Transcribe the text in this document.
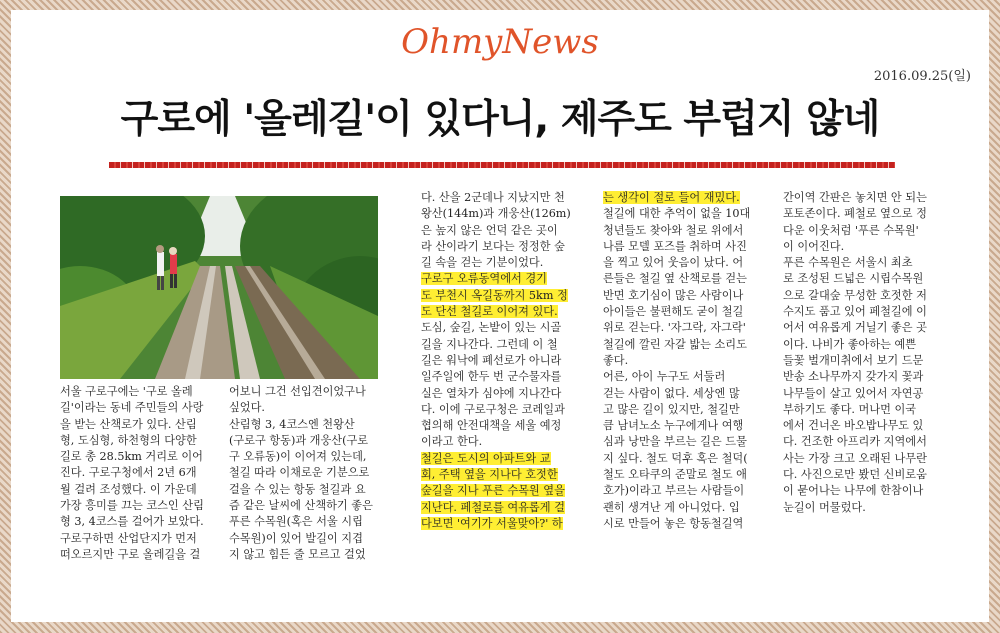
OhmyNews
2016.09.25(일)
구로에 '올레길'이 있다니, 제주도 부럽지 않네

서울 구로구에는 '구로 올레

길'이라는 동네 주민들의 사랑

을 받는 산책로가 있다. 산림

형, 도심형, 하천형의 다양한

길로 총 28.5km 거리로 이어

진다. 구로구청에서 2년 6개

월 걸려 조성했다. 이 가운데

가장 흥미를 끄는 코스인 산림

형 3, 4코스를 걸어가 보았다.

구로구하면 산업단지가 먼저

떠오르지만 구로 올레길을 걸

어보니 그건 선입견이었구나

싶었다.

산림형 3, 4코스엔 천왕산

(구로구 항동)과 개웅산(구로

구 오류동)이 이어져 있는데,

철길 따라 이채로운 기분으로

걸을 수 있는 항동 철길과 요

즘 같은 날씨에 산책하기 좋은

푸른 수목원(혹은 서울 시립

수목원)이 있어 발길이 지겹

지 않고 힘든 줄 모르고 걸었

다. 산을 2군데나 지났지만 천

왕산(144m)과 개웅산(126m)

은 높지 않은 언덕 같은 곳이

라 산이라기 보다는 정정한 숲

길 속을 걷는 기분이었다.

구로구 오류동역에서 경기

도 부천시 옥길동까지 5km 정

도 단선 철길로 이어져 있다.

도심, 숲길, 논밭이 있는 시골

길을 지나간다. 그런데 이 철

길은 워낙에 폐선로가 아니라

일주일에 한두 번 군수물자를

실은 열차가 심야에 지나간다

다. 이에 구로구청은 코레일과

협의해 안전대책을 세울 예정

이라고 한다.

철길은 도시의 아파트와 교

회, 주택 옆을 지나다 호젓한

숲길을 지나 푸른 수목원 옆을

지난다. 페철로를 여유롭게 걸

다보면 '여기가 서울맞아?' 하

는 생각이 절로 들어 재밌다.

철길에 대한 추억이 없을 10대

청년들도 찾아와 철로 위에서

나름 모델 포즈를 취하며 사진

을 찍고 있어 웃음이 났다. 어

른들은 철길 옆 산책로를 걷는

반면 호기심이 많은 사람이나

아이들은 불편해도 굳이 철길

위로 걷는다. '자그락, 자그락'

철길에 깔린 자갈 밟는 소리도

좋다.

어른, 아이 누구도 서둘러

걷는 사람이 없다. 세상엔 많

고 많은 길이 있지만, 철길만

큼 남녀노소 누구에게나 여행

심과 낭만을 부르는 길은 드물

지 싶다. 철도 덕후 혹은 철덕(

철도 오타쿠의 준말로 철도 애

호가)이라고 부르는 사람들이

괜히 생겨난 게 아니었다. 입

시로 만들어 놓은 항동철길역

간이역 간판은 놓치면 안 되는

포토존이다. 폐철로 옆으로 정

다운 이웃처럼 '푸른 수목원'

이 이어진다.

푸른 수목원은 서울시 최초

로 조성된 드넓은 시립수목원

으로 갈대숲 무성한 호젓한 저

수지도 품고 있어 페철길에 이

어서 여유롭게 거닐기 좋은 곳

이다. 나비가 좋아하는 예쁜

들꽃 벌개미취에서 보기 드문

반송 소나무까지 갖가지 꽃과

나무들이 살고 있어서 자연공

부하기도 좋다. 머나먼 이국

에서 건너온 바오밥나무도 있

다. 건조한 아프리카 지역에서

사는 가장 크고 오래된 나무란

다. 사진으로만 봤던 신비로움

이 묻어나는 나무에 한참이나

눈길이 머물렀다.
